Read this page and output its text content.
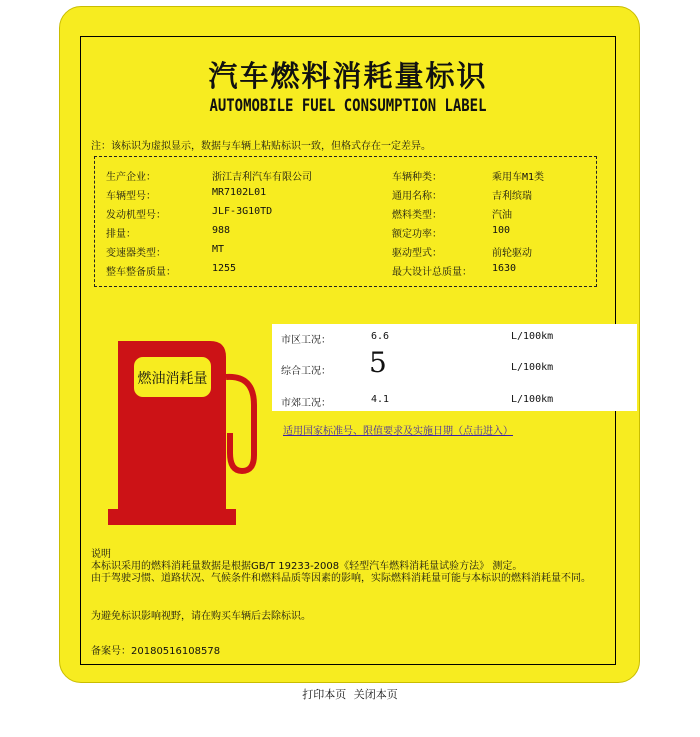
汽车燃料消耗量标识
AUTOMOBILE FUEL CONSUMPTION LABEL
注：该标识为虚拟显示，数据与车辆上粘贴标识一致，但格式存在一定差异。
生产企业：	浙江吉利汽车有限公司	车辆种类：	乘用车M1类
车辆型号：	MR7102L01	通用名称：	吉利缤瑞
发动机型号：	JLF-3G10TD	燃料类型：	汽油
排量：	988	额定功率：	100
变速器类型：	MT	驱动型式：	前轮驱动
整车整备质量：	1255	最大设计总质量： 1630
燃油消耗量
市区工况：	6.6	L/100km
综合工况： 5	L/100km
市郊工况：	4.1	L/100km
适用国家标准号、限值要求及实施日期（点击进入）
说明
本标识采用的燃料消耗量数据是根据GB/T 19233-2008《轻型汽车燃料消耗量试验方法》 测定。
由于驾驶习惯、道路状况、气候条件和燃料品质等因素的影响，实际燃料消耗量可能与本标识的燃料消耗量不同。
为避免标识影响视野，请在购买车辆后去除标识。
备案号：20180516108578
打印本页 关闭本页
